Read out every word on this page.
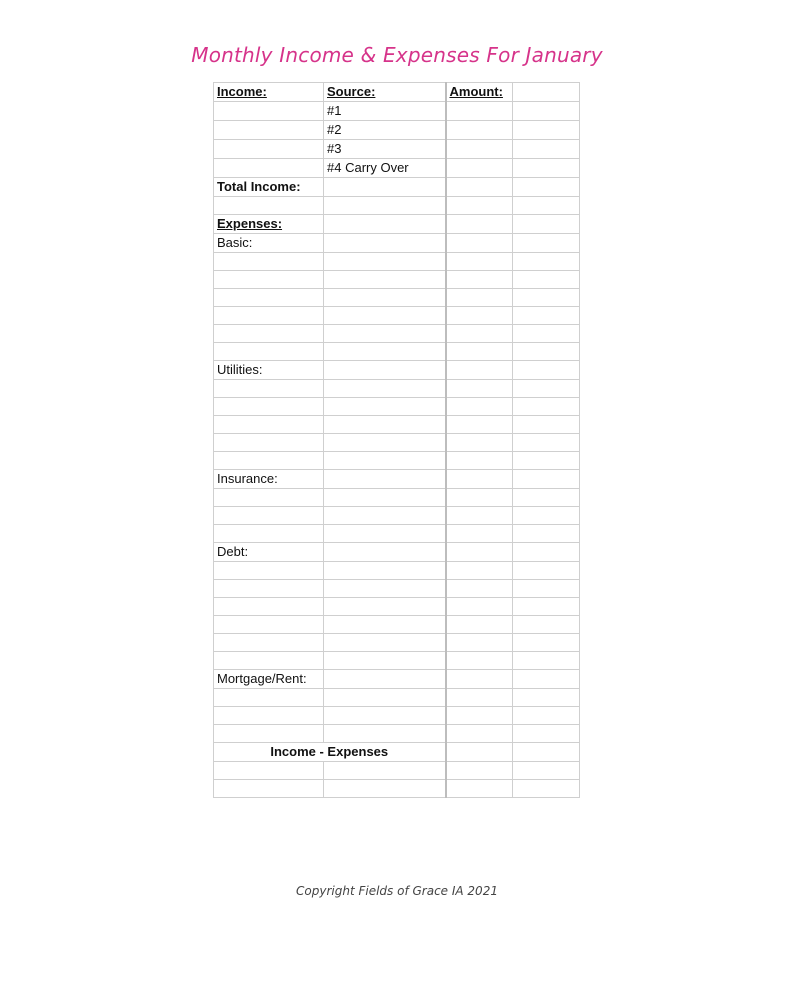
Monthly Income & Expenses For January
Income:	Source:	Amount:	
	#1		
	#2		
	#3		
	#4 Carry Over		
Total Income:			

Expenses:			
Basic:			

Utilities:			

Insurance:			

Debt:			

Mortgage/Rent:			

Income - Expenses			

Copyright Fields of Grace IA 2021
